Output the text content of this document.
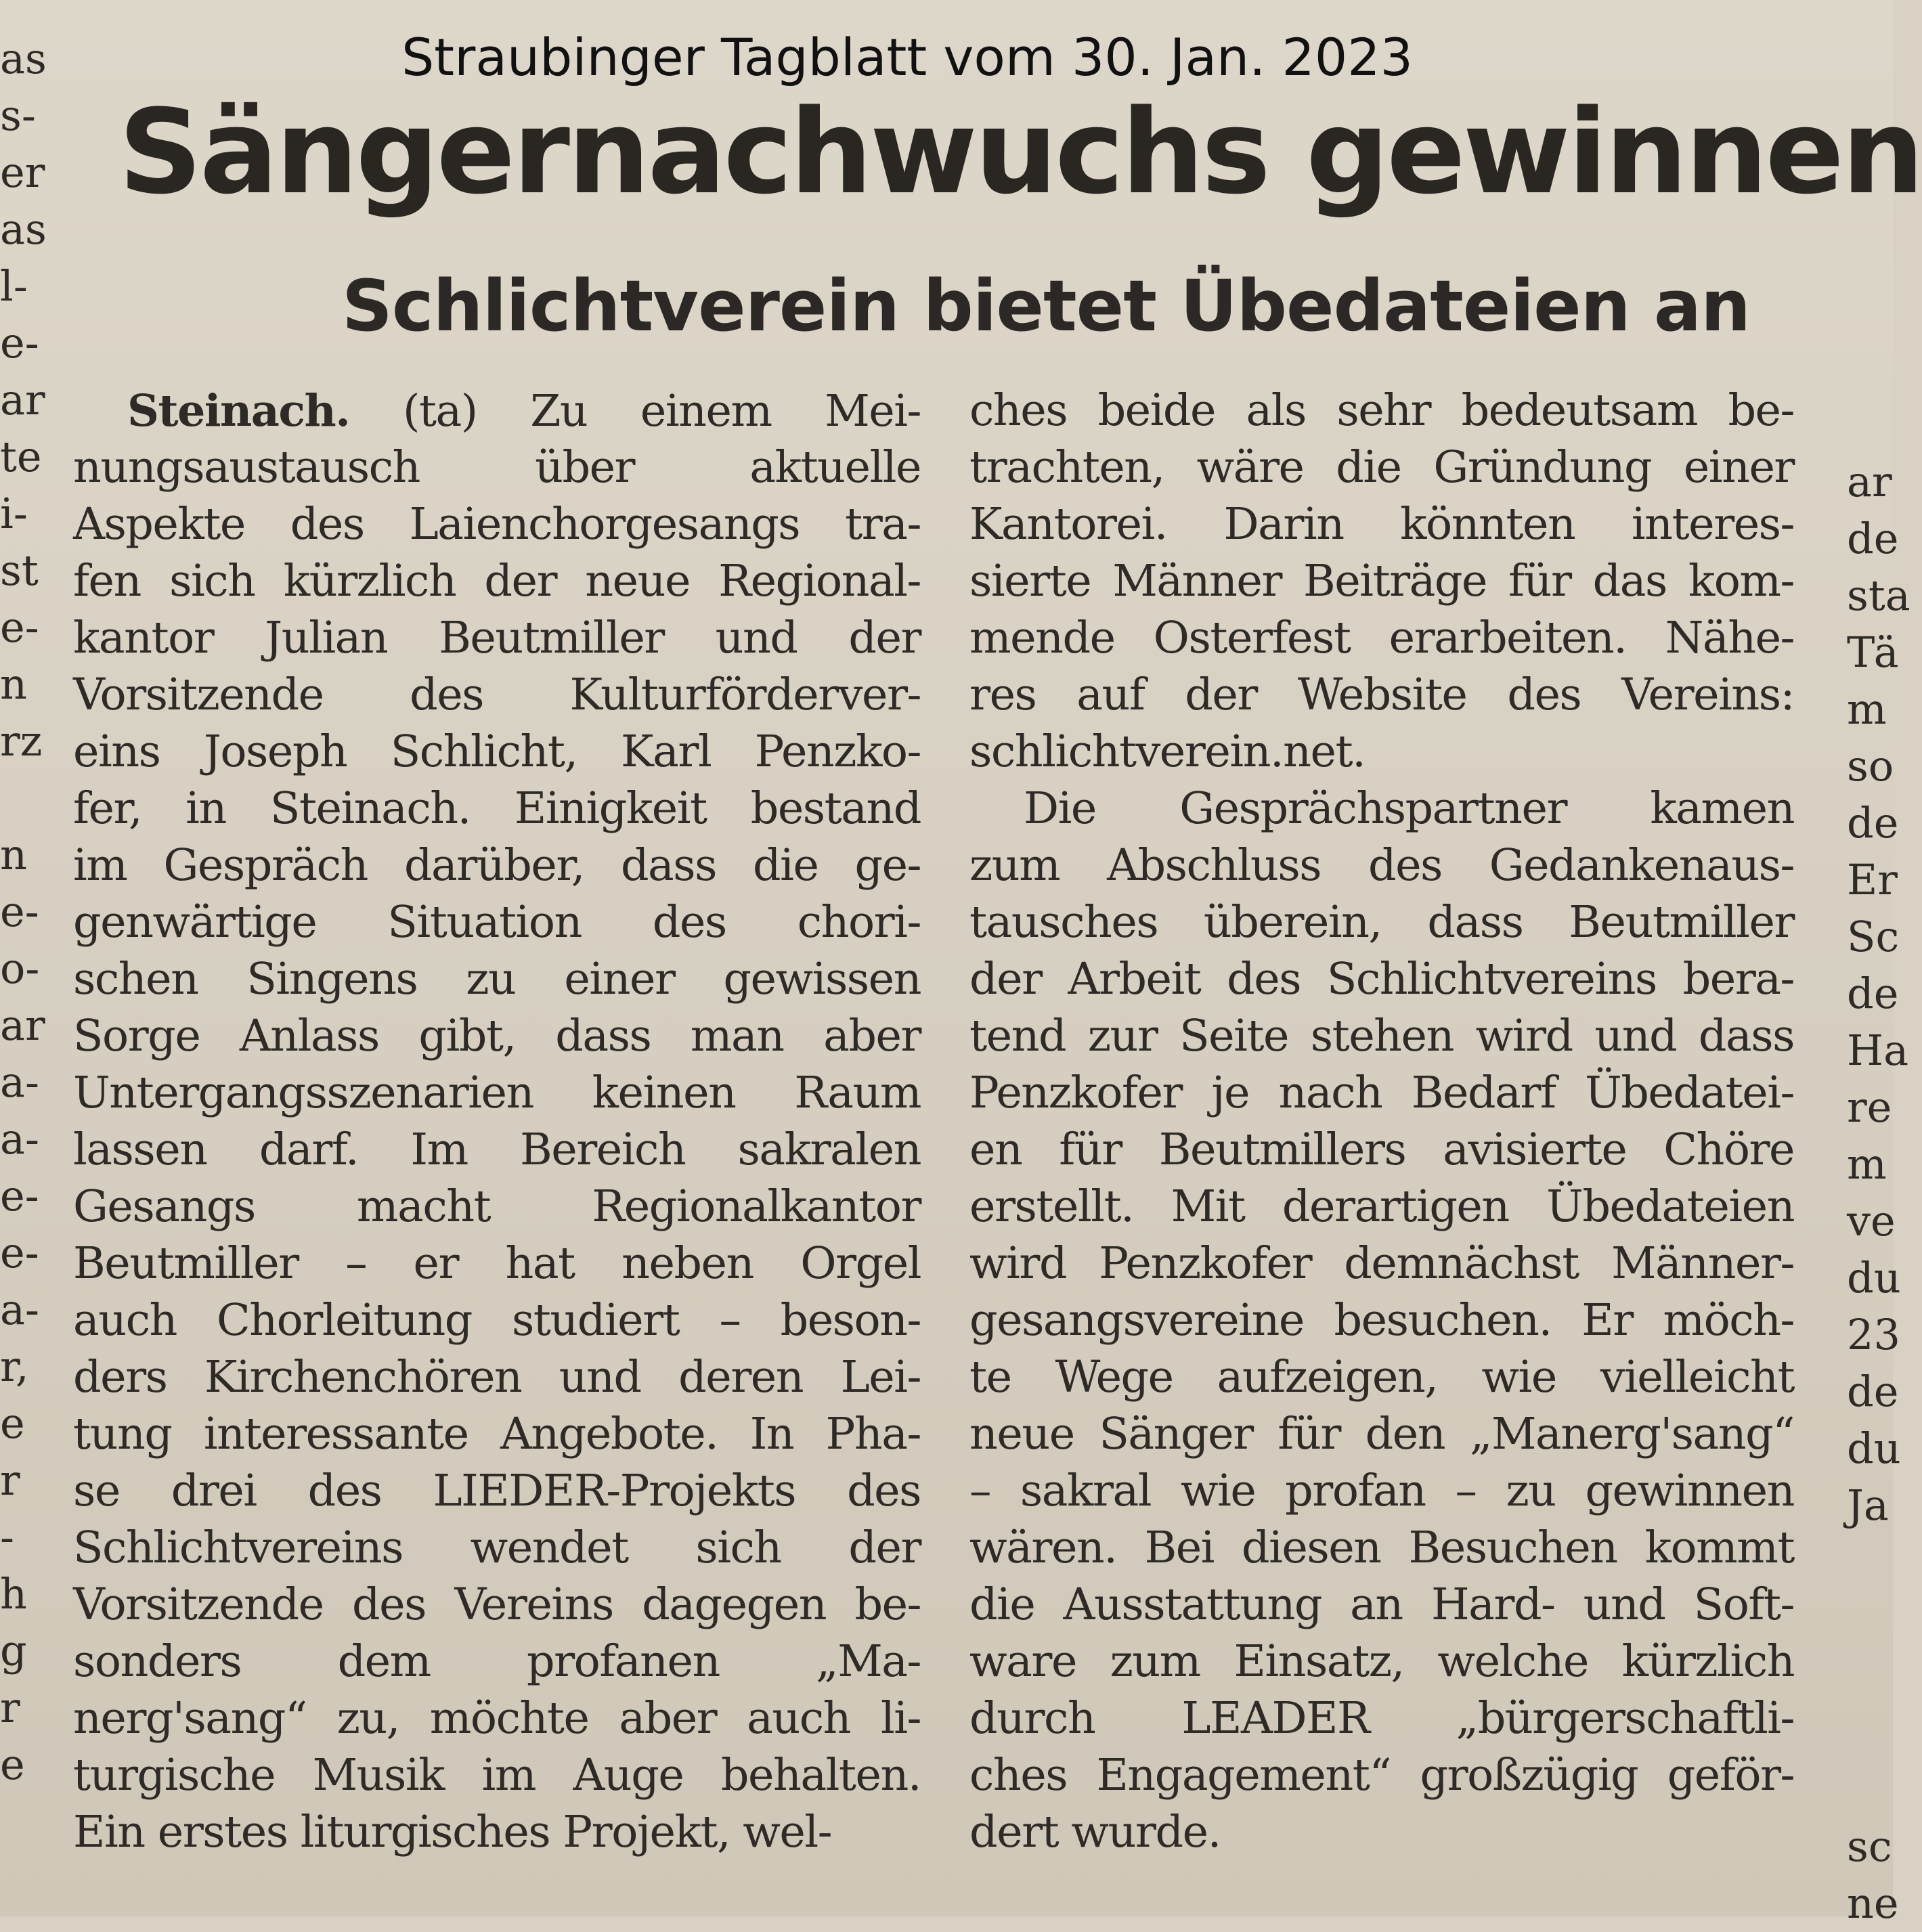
Straubinger Tagblatt vom 30. Jan. 2023
Sängernachwuchs gewinnen
Schlichtverein bietet Übedateien an
as
s-
er
as
l-
e-
ar
te
i-
st
e-
n
rz
n
e-
o-
ar
a-
a-
e-
e-
a-
r,
e
r
-
h
g
r
e
ar
de
sta
Tä
m
so
de
Er
Sc
de
Ha
re
m
ve
du
23
de
du
Ja
sc
ne
Steinach. (ta) Zu einem Mei-
nungsaustausch über aktuelle
Aspekte des Laienchorgesangs tra-
fen sich kürzlich der neue Regional-
kantor Julian Beutmiller und der
Vorsitzende des Kulturförderver-
eins Joseph Schlicht, Karl Penzko-
fer, in Steinach. Einigkeit bestand
im Gespräch darüber, dass die ge-
genwärtige Situation des chori-
schen Singens zu einer gewissen
Sorge Anlass gibt, dass man aber
Untergangsszenarien keinen Raum
lassen darf. Im Bereich sakralen
Gesangs macht Regionalkantor
Beutmiller – er hat neben Orgel
auch Chorleitung studiert – beson-
ders Kirchenchören und deren Lei-
tung interessante Angebote. In Pha-
se drei des LIEDER-Projekts des
Schlichtvereins wendet sich der
Vorsitzende des Vereins dagegen be-
sonders dem profanen „Ma-
nerg'sang“ zu, möchte aber auch li-
turgische Musik im Auge behalten.
Ein erstes liturgisches Projekt, wel-
ches beide als sehr bedeutsam be-
trachten, wäre die Gründung einer
Kantorei. Darin könnten interes-
sierte Männer Beiträge für das kom-
mende Osterfest erarbeiten. Nähe-
res auf der Website des Vereins:
schlichtverein.net.
Die Gesprächspartner kamen
zum Abschluss des Gedankenaus-
tausches überein, dass Beutmiller
der Arbeit des Schlichtvereins bera-
tend zur Seite stehen wird und dass
Penzkofer je nach Bedarf Übedatei-
en für Beutmillers avisierte Chöre
erstellt. Mit derartigen Übedateien
wird Penzkofer demnächst Männer-
gesangsvereine besuchen. Er möch-
te Wege aufzeigen, wie vielleicht
neue Sänger für den „Manerg'sang“
– sakral wie profan – zu gewinnen
wären. Bei diesen Besuchen kommt
die Ausstattung an Hard- und Soft-
ware zum Einsatz, welche kürzlich
durch LEADER „bürgerschaftli-
ches Engagement“ großzügig geför-
dert wurde.
